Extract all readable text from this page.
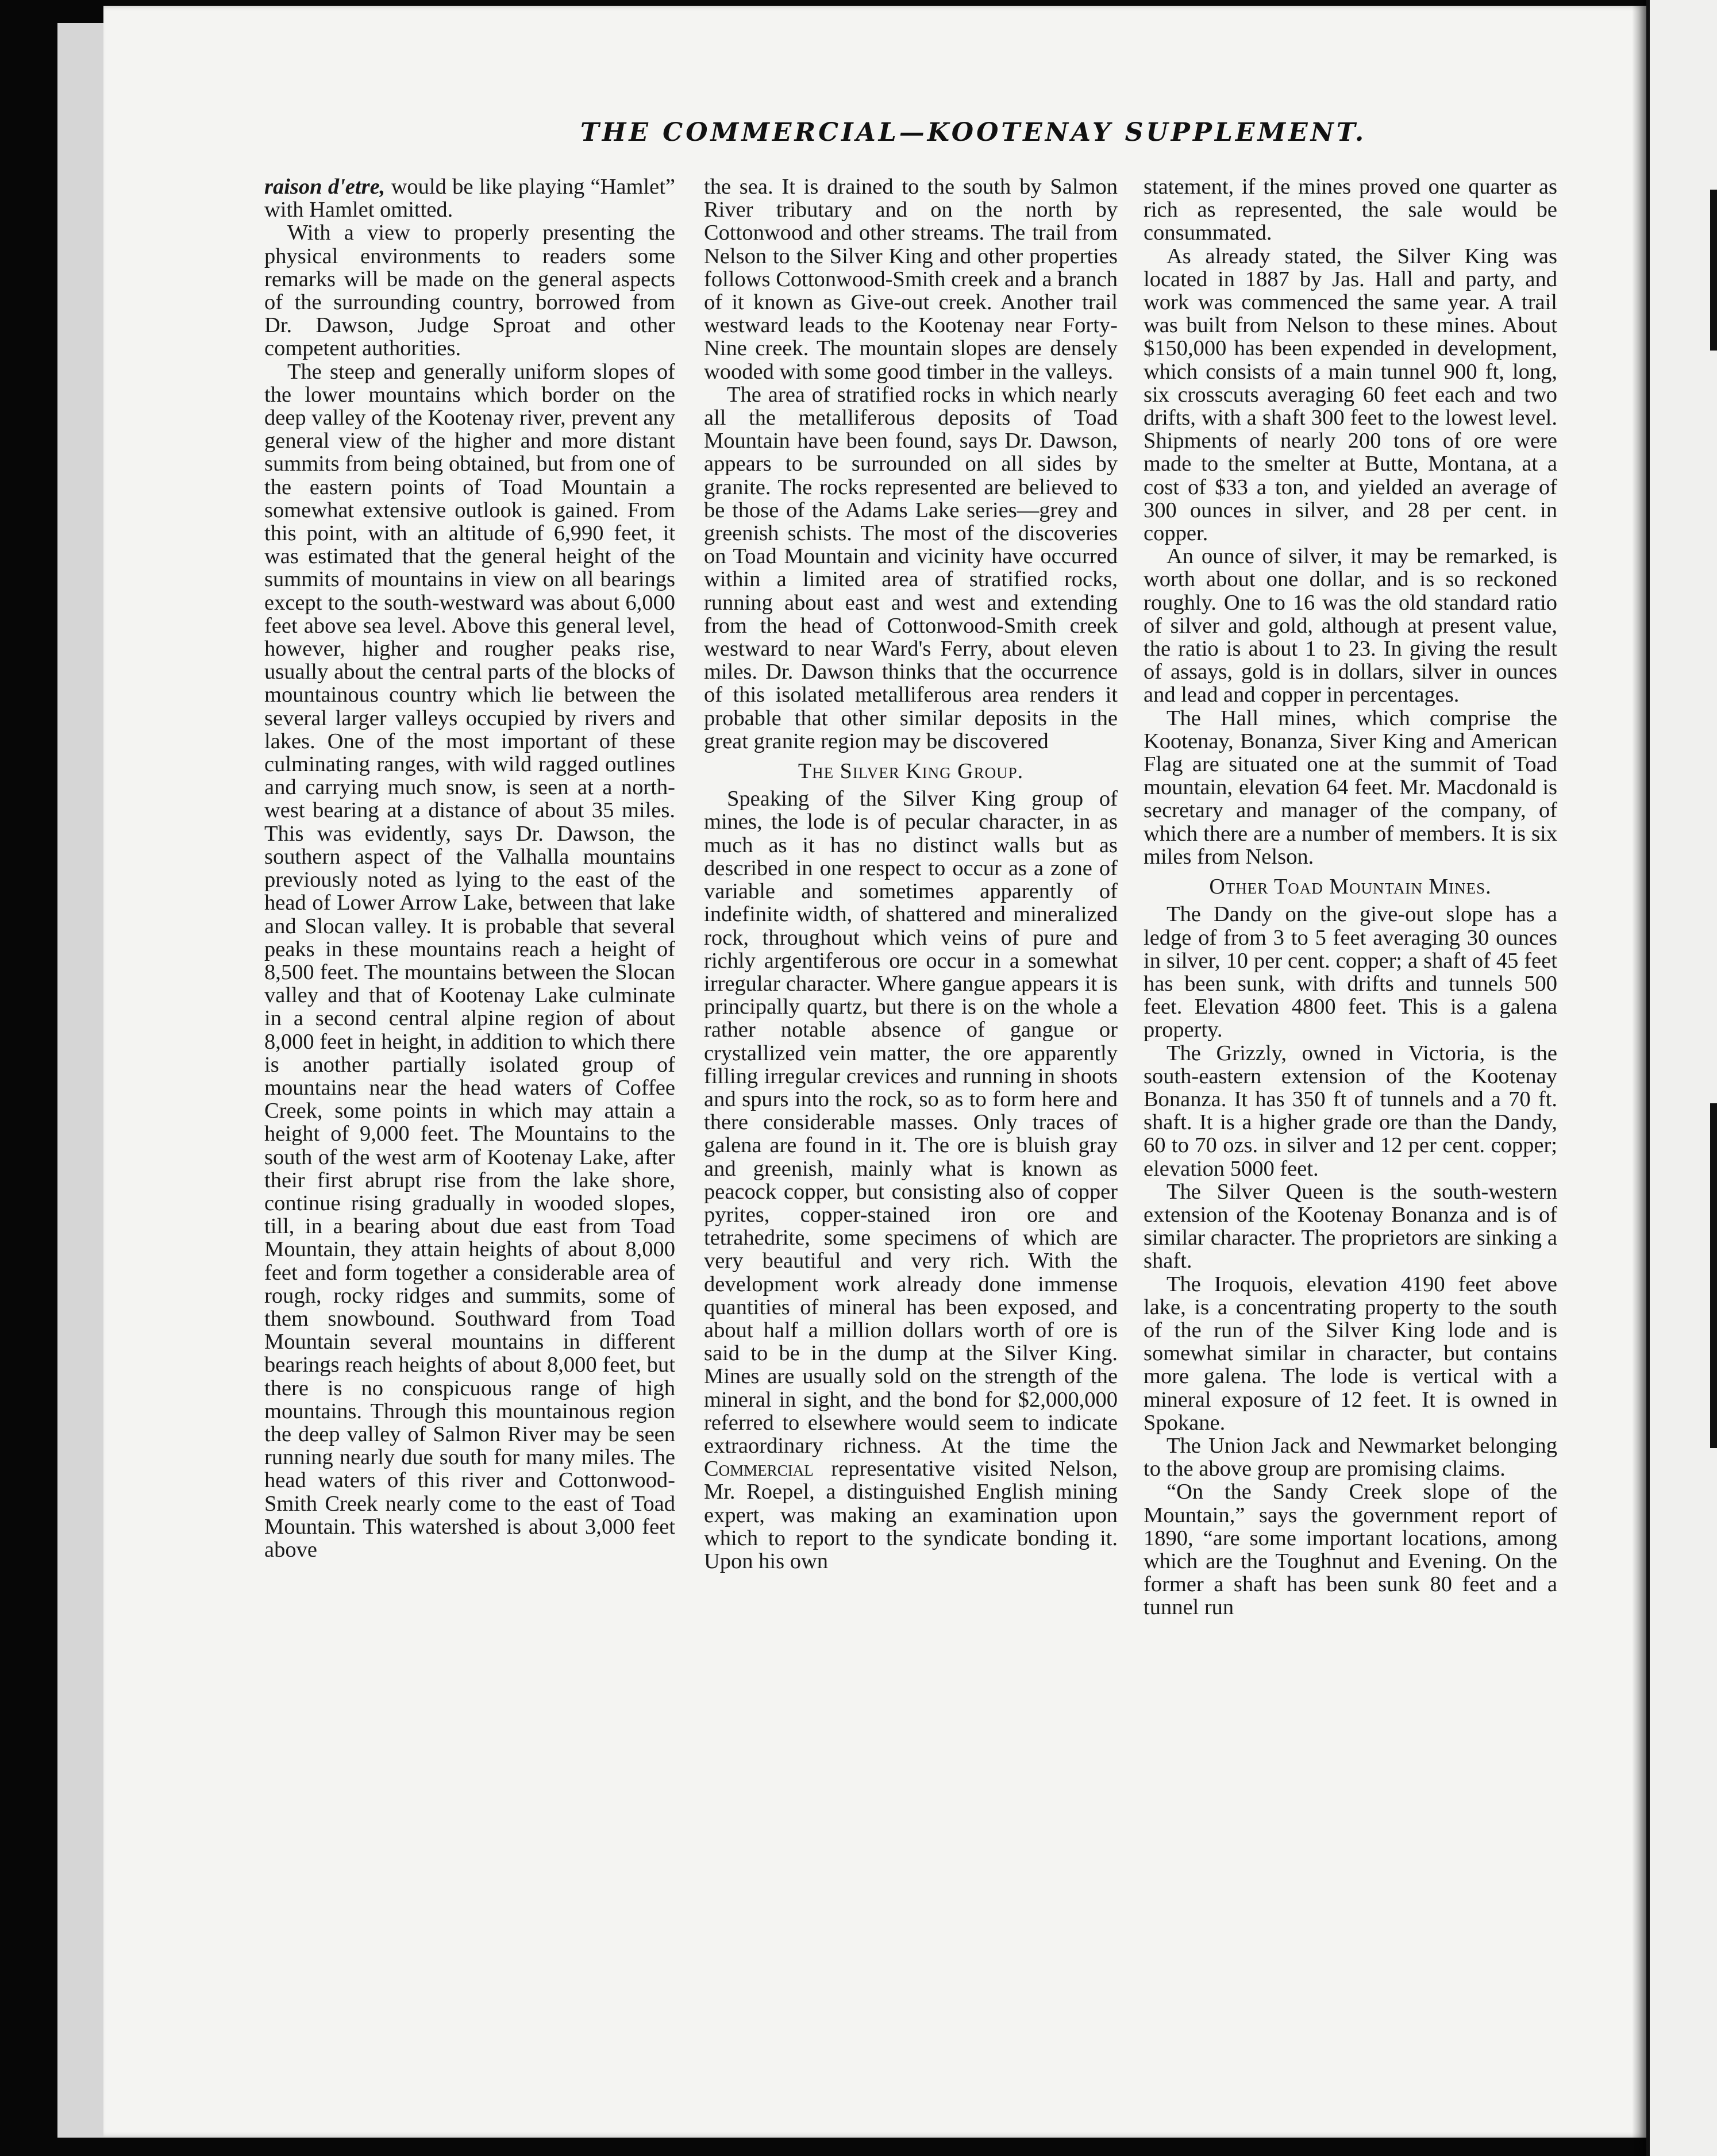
THE COMMERCIAL—KOOTENAY SUPPLEMENT.

raison d'etre, would be like playing “Hamlet” with Hamlet omitted.

With a view to properly presenting the physical environments to readers some remarks will be made on the general aspects of the surrounding country, borrowed from Dr. Dawson, Judge Sproat and other competent authorities.

The steep and generally uniform slopes of the lower mountains which border on the deep valley of the Kootenay river, prevent any general view of the higher and more distant summits from being obtained, but from one of the eastern points of Toad Mountain a somewhat extensive outlook is gained. From this point, with an altitude of 6,990 feet, it was estimated that the general height of the summits of mountains in view on all bearings except to the south-westward was about 6,000 feet above sea level. Above this general level, however, higher and rougher peaks rise, usually about the central parts of the blocks of mountainous country which lie between the several larger valleys occupied by rivers and lakes. One of the most important of these culminating ranges, with wild ragged outlines and carrying much snow, is seen at a north-west bearing at a distance of about 35 miles. This was evidently, says Dr. Dawson, the southern aspect of the Valhalla mountains previously noted as lying to the east of the head of Lower Arrow Lake, between that lake and Slocan valley. It is probable that several peaks in these mountains reach a height of 8,500 feet. The mountains between the Slocan valley and that of Kootenay Lake culminate in a second central alpine region of about 8,000 feet in height, in addition to which there is another partially isolated group of mountains near the head waters of Coffee Creek, some points in which may attain a height of 9,000 feet. The Mountains to the south of the west arm of Kootenay Lake, after their first abrupt rise from the lake shore, continue rising gradually in wooded slopes, till, in a bearing about due east from Toad Mountain, they attain heights of about 8,000 feet and form together a considerable area of rough, rocky ridges and summits, some of them snowbound. Southward from Toad Mountain several mountains in different bearings reach heights of about 8,000 feet, but there is no conspicuous range of high mountains. Through this mountainous region the deep valley of Salmon River may be seen running nearly due south for many miles. The head waters of this river and Cottonwood-Smith Creek nearly come to the east of Toad Mountain. This watershed is about 3,000 feet above

the sea. It is drained to the south by Salmon River tributary and on the north by Cottonwood and other streams. The trail from Nelson to the Silver King and other properties follows Cottonwood-Smith creek and a branch of it known as Give-out creek. Another trail westward leads to the Kootenay near Forty-Nine creek. The mountain slopes are densely wooded with some good timber in the valleys.

The area of stratified rocks in which nearly all the metalliferous deposits of Toad Mountain have been found, says Dr. Dawson, appears to be surrounded on all sides by granite. The rocks represented are believed to be those of the Adams Lake series—grey and greenish schists. The most of the discoveries on Toad Mountain and vicinity have occurred within a limited area of stratified rocks, running about east and west and extending from the head of Cottonwood-Smith creek westward to near Ward's Ferry, about eleven miles. Dr. Dawson thinks that the occurrence of this isolated metalliferous area renders it probable that other similar deposits in the great granite region may be discovered

The Silver King Group.

Speaking of the Silver King group of mines, the lode is of pecular character, in as much as it has no distinct walls but as described in one respect to occur as a zone of variable and sometimes apparently of indefinite width, of shattered and mineralized rock, throughout which veins of pure and richly argentiferous ore occur in a somewhat irregular character. Where gangue appears it is principally quartz, but there is on the whole a rather notable absence of gangue or crystallized vein matter, the ore apparently filling irregular crevices and running in shoots and spurs into the rock, so as to form here and there considerable masses. Only traces of galena are found in it. The ore is bluish gray and greenish, mainly what is known as peacock copper, but consisting also of copper pyrites, copper-stained iron ore and tetrahedrite, some specimens of which are very beautiful and very rich. With the development work already done immense quantities of mineral has been exposed, and about half a million dollars worth of ore is said to be in the dump at the Silver King. Mines are usually sold on the strength of the mineral in sight, and the bond for $2,000,000 referred to elsewhere would seem to indicate extraordinary richness. At the time the Commercial representative visited Nelson, Mr. Roepel, a distinguished English mining expert, was making an examination upon which to report to the syndicate bonding it. Upon his own

statement, if the mines proved one quarter as rich as represented, the sale would be consummated.

As already stated, the Silver King was located in 1887 by Jas. Hall and party, and work was commenced the same year. A trail was built from Nelson to these mines. About $150,000 has been expended in development, which consists of a main tunnel 900 ft, long, six crosscuts averaging 60 feet each and two drifts, with a shaft 300 feet to the lowest level. Shipments of nearly 200 tons of ore were made to the smelter at Butte, Montana, at a cost of $33 a ton, and yielded an average of 300 ounces in silver, and 28 per cent. in copper.

An ounce of silver, it may be remarked, is worth about one dollar, and is so reckoned roughly. One to 16 was the old standard ratio of silver and gold, although at present value, the ratio is about 1 to 23. In giving the result of assays, gold is in dollars, silver in ounces and lead and copper in percentages.

The Hall mines, which comprise the Kootenay, Bonanza, Siver King and American Flag are situated one at the summit of Toad mountain, elevation 64 feet. Mr. Macdonald is secretary and manager of the company, of which there are a number of members. It is six miles from Nelson.

Other Toad Mountain Mines.

The Dandy on the give-out slope has a ledge of from 3 to 5 feet averaging 30 ounces in silver, 10 per cent. copper; a shaft of 45 feet has been sunk, with drifts and tunnels 500 feet. Elevation 4800 feet. This is a galena property.

The Grizzly, owned in Victoria, is the south-eastern extension of the Kootenay Bonanza. It has 350 ft of tunnels and a 70 ft. shaft. It is a higher grade ore than the Dandy, 60 to 70 ozs. in silver and 12 per cent. copper; elevation 5000 feet.

The Silver Queen is the south-western extension of the Kootenay Bonanza and is of similar character. The proprietors are sinking a shaft.

The Iroquois, elevation 4190 feet above lake, is a concentrating property to the south of the run of the Silver King lode and is somewhat similar in character, but contains more galena. The lode is vertical with a mineral exposure of 12 feet. It is owned in Spokane.

The Union Jack and Newmarket belonging to the above group are promising claims.

“On the Sandy Creek slope of the Mountain,” says the government report of 1890, “are some important locations, among which are the Toughnut and Evening. On the former a shaft has been sunk 80 feet and a tunnel run
